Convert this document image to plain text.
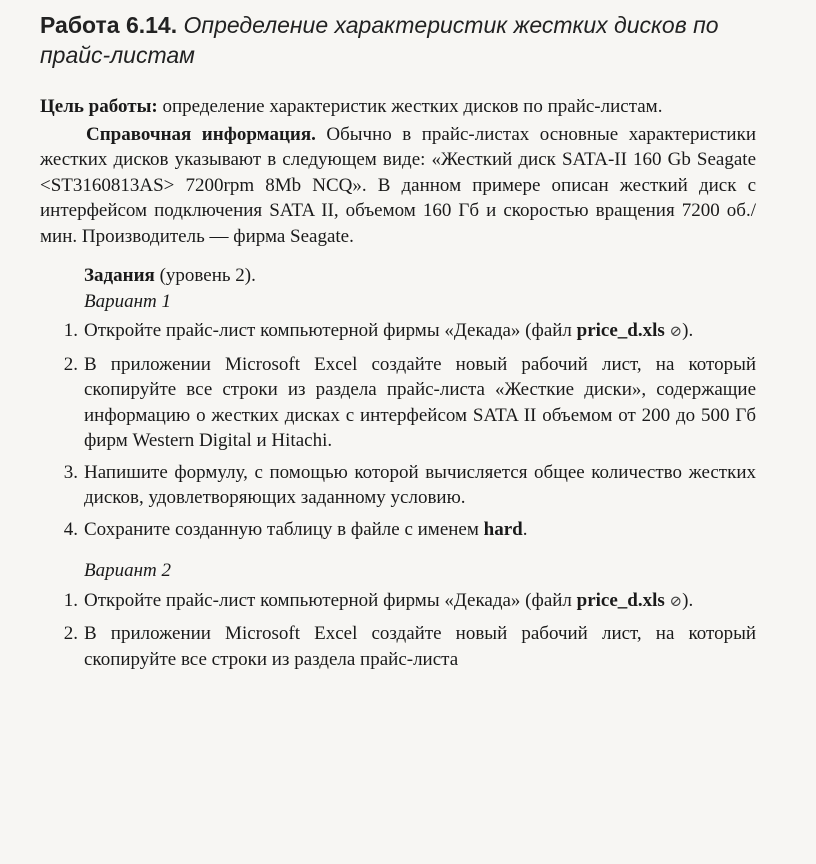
Работа 6.14. Определение характеристик жестких дисков по прайс-листам

Цель работы: определение характеристик жестких дисков по прайс-листам.

Справочная информация. Обычно в прайс-листах основные характеристики жестких дисков указывают в следующем виде: «Жесткий диск SATA-II 160 Gb Seagate <ST3160813AS> 7200rpm 8Mb NCQ». В данном примере описан жесткий диск с интерфейсом подключения SATA II, объемом 160 Гб и скоростью вращения 7200 об./мин. Производитель — фирма Seagate.

Задания (уровень 2).
Вариант 1
1. Откройте прайс-лист компьютерной фирмы «Декада» (файл price_d.xls ⊘).
2. В приложении Microsoft Excel создайте новый рабочий лист, на который скопируйте все строки из раздела прайс-листа «Жесткие диски», содержащие информацию о жестких дисках с интерфейсом SATA II объемом от 200 до 500 Гб фирм Western Digital и Hitachi.
3. Напишите формулу, с помощью которой вычисляется общее количество жестких дисков, удовлетворяющих заданному условию.
4. Сохраните созданную таблицу в файле с именем hard.
Вариант 2
1. Откройте прайс-лист компьютерной фирмы «Декада» (файл price_d.xls ⊘).
2. В приложении Microsoft Excel создайте новый рабочий лист, на который скопируйте все строки из раздела прайс-листа
